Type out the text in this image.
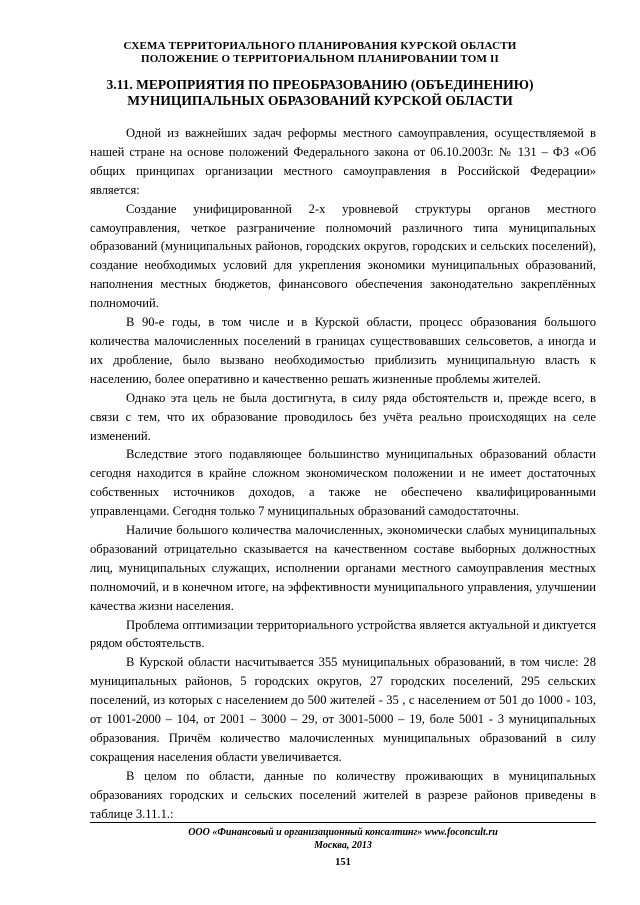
СХЕМА ТЕРРИТОРИАЛЬНОГО ПЛАНИРОВАНИЯ КУРСКОЙ ОБЛАСТИ
ПОЛОЖЕНИЕ О ТЕРРИТОРИАЛЬНОМ ПЛАНИРОВАНИИ ТОМ II
3.11. МЕРОПРИЯТИЯ ПО ПРЕОБРАЗОВАНИЮ (ОБЪЕДИНЕНИЮ)
МУНИЦИПАЛЬНЫХ ОБРАЗОВАНИЙ КУРСКОЙ ОБЛАСТИ

Одной из важнейших задач реформы местного самоуправления, осуществляемой в нашей стране на основе положений Федерального закона от 06.10.2003г. № 131 – ФЗ «Об общих принципах организации местного самоуправления в Российской Федерации» является:

Создание унифицированной 2-х уровневой структуры органов местного самоуправления, четкое разграничение полномочий различного типа муниципальных образований (муниципальных районов, городских округов, городских и сельских поселений), создание необходимых условий для укрепления экономики муниципальных образований, наполнения местных бюджетов, финансового обеспечения законодательно закреплённых полномочий.

В 90-е годы, в том числе и в Курской области, процесс образования большого количества малочисленных поселений в границах существовавших сельсоветов, а иногда и их дробление, было вызвано необходимостью приблизить муниципальную власть к населению, более оперативно и качественно решать жизненные проблемы жителей.

Однако эта цель не была достигнута, в силу ряда обстоятельств и, прежде всего, в связи с тем, что их образование проводилось без учёта реально происходящих на селе изменений.

Вследствие этого подавляющее большинство муниципальных образований области сегодня находится в крайне сложном экономическом положении и не имеет достаточных собственных источников доходов, а также не обеспечено квалифицированными управленцами. Сегодня только 7 муниципальных образований самодостаточны.

Наличие большого количества малочисленных, экономически слабых муниципальных образований отрицательно сказывается на качественном составе выборных должностных лиц, муниципальных служащих, исполнении органами местного самоуправления местных полномочий, и в конечном итоге, на эффективности муниципального управления, улучшении качества жизни населения.

Проблема оптимизации территориального устройства является актуальной и диктуется рядом обстоятельств.

В Курской области насчитывается 355 муниципальных образований, в том числе: 28 муниципальных районов, 5 городских округов, 27 городских поселений, 295 сельских поселений, из которых с населением до 500 жителей - 35 , с населением от 501 до 1000 - 103, от 1001-2000 – 104, от 2001 – 3000 – 29, от 3001-5000 – 19, боле 5001 - 3 муниципальных образования. Причём количество малочисленных муниципальных образований в силу сокращения населения области увеличивается.

В целом по области, данные по количеству проживающих в муниципальных образованиях городских и сельских поселений жителей в разрезе районов приведены в таблице 3.11.1.:

ООО «Финансовый и организационный консалтинг» www.foconcult.ru
Москва, 2013
151
